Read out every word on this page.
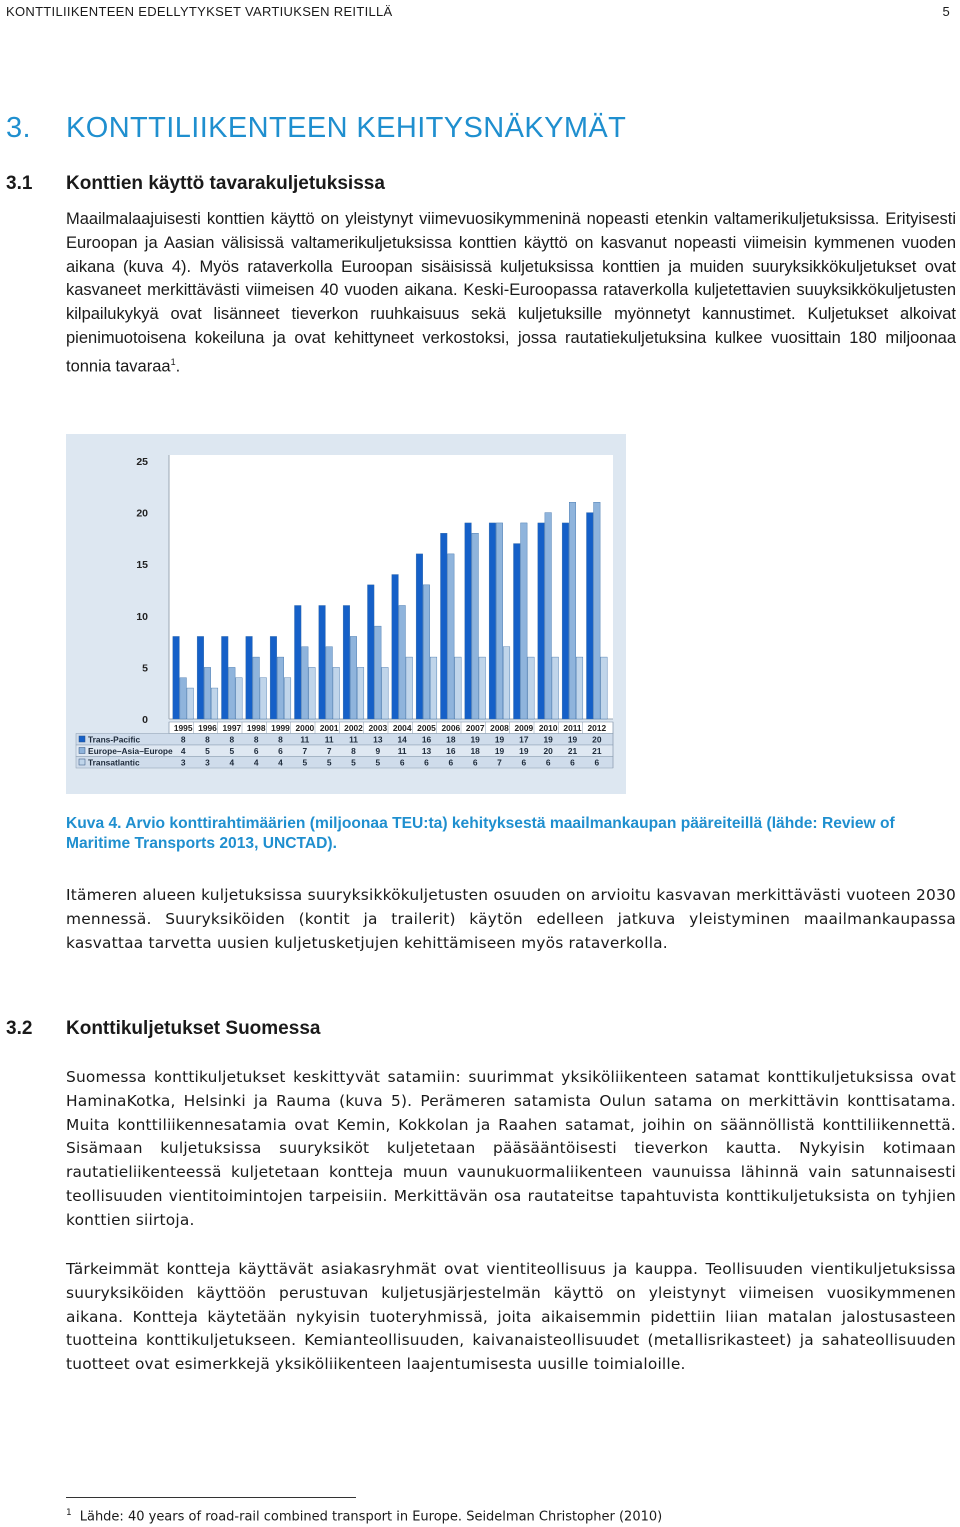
KONTTILIIKENTEEN EDELLYTYKSET VARTIUKSEN REITILLÄ	5
3. KONTTILIIKENTEEN KEHITYSNÄKYMÄT
3.1 Konttien käyttö tavarakuljetuksissa

Maailmalaajuisesti konttien käyttö on yleistynyt viimevuosikymmeninä nopeasti etenkin valtamerikuljetuksissa. Erityisesti Euroopan ja Aasian välisissä valtamerikuljetuksissa konttien käyttö on kasvanut nopeasti viimeisin kymmenen vuoden aikana (kuva 4). Myös rataverkolla Euroopan sisäisissä kuljetuksissa konttien ja muiden suuryksikkökuljetukset ovat kasvaneet merkittävästi viimeisen 40 vuoden aikana. Keski-Euroopassa rataverkolla kuljetettavien suuyksikkökuljetusten kilpailukykyä ovat lisänneet tieverkon ruuhkaisuus sekä kuljetuksille myönnetyt kannustimet. Kuljetukset alkoivat pienimuotoisena kokeiluna ja ovat kehittyneet verkostoksi, jossa rautatiekuljetuksina kulkee vuosittain 180 miljoonaa tonnia tavaraa$^1$.

0
5
10
15
20
25
1995 1996 1997 1998 1999 2000 2001 2002 2003 2004 2005 2006 2007 2008 2009 2010 2011 2012
Trans-Pacific	8 8 8 8 8 11 11 11 13 14 16 18 19 19 17 19 19 20
Europe–Asia–Europe 4 5 5 6 6 7 7 8 9 11 13 16 18 19 19 20 21 21
Transatlantic	3 3 4 4 4 5 5 5 5 6 6 6 6 7 6 6 6 6

Kuva 4. Arvio konttirahtimäärien (miljoonaa TEU:ta) kehityksestä maailmankaupan pääreiteillä (lähde: Review of Maritime Transports 2013, UNCTAD).

Itämeren alueen kuljetuksissa suuryksikkökuljetusten osuuden on arvioitu kasvavan merkittävästi vuoteen 2030 mennessä. Suuryksiköiden (kontit ja trailerit) käytön edelleen jatkuva yleistyminen maailmankaupassa kasvattaa tarvetta uusien kuljetusketjujen kehittämiseen myös rataverkolla.

3.2 Konttikuljetukset Suomessa

Suomessa konttikuljetukset keskittyvät satamiin: suurimmat yksiköliikenteen satamat konttikuljetuksissa ovat HaminaKotka, Helsinki ja Rauma (kuva 5). Perämeren satamista Oulun satama on merkittävin konttisatama. Muita konttiliikennesatamia ovat Kemin, Kokkolan ja Raahen satamat, joihin on säännöllistä konttiliikennettä. Sisämaan kuljetuksissa suuryksiköt kuljetetaan pääsääntöisesti tieverkon kautta. Nykyisin kotimaan rautatieliikenteessä kuljetetaan kontteja muun vaunukuormaliikenteen vaunuissa lähinnä vain satunnaisesti teollisuuden vientitoimintojen tarpeisiin. Merkittävän osa rautateitse tapahtuvista konttikuljetuksista on tyhjien konttien siirtoja.

Tärkeimmät kontteja käyttävät asiakasryhmät ovat vientiteollisuus ja kauppa. Teollisuuden vientikuljetuksissa suuryksiköiden käyttöön perustuvan kuljetusjärjestelmän käyttö on yleistynyt viimeisen vuosikymmenen aikana. Kontteja käytetään nykyisin tuoteryhmissä, joita aikaisemmin pidettiin liian matalan jalostusasteen tuotteina konttikuljetukseen. Kemianteollisuuden, kaivanaisteollisuudet (metallisrikasteet) ja sahateollisuuden tuotteet ovat esimerkkejä yksiköliikenteen laajentumisesta uusille toimialoille.

$^1$ Lähde: 40 years of road-rail combined transport in Europe. Seidelman Christopher (2010)
